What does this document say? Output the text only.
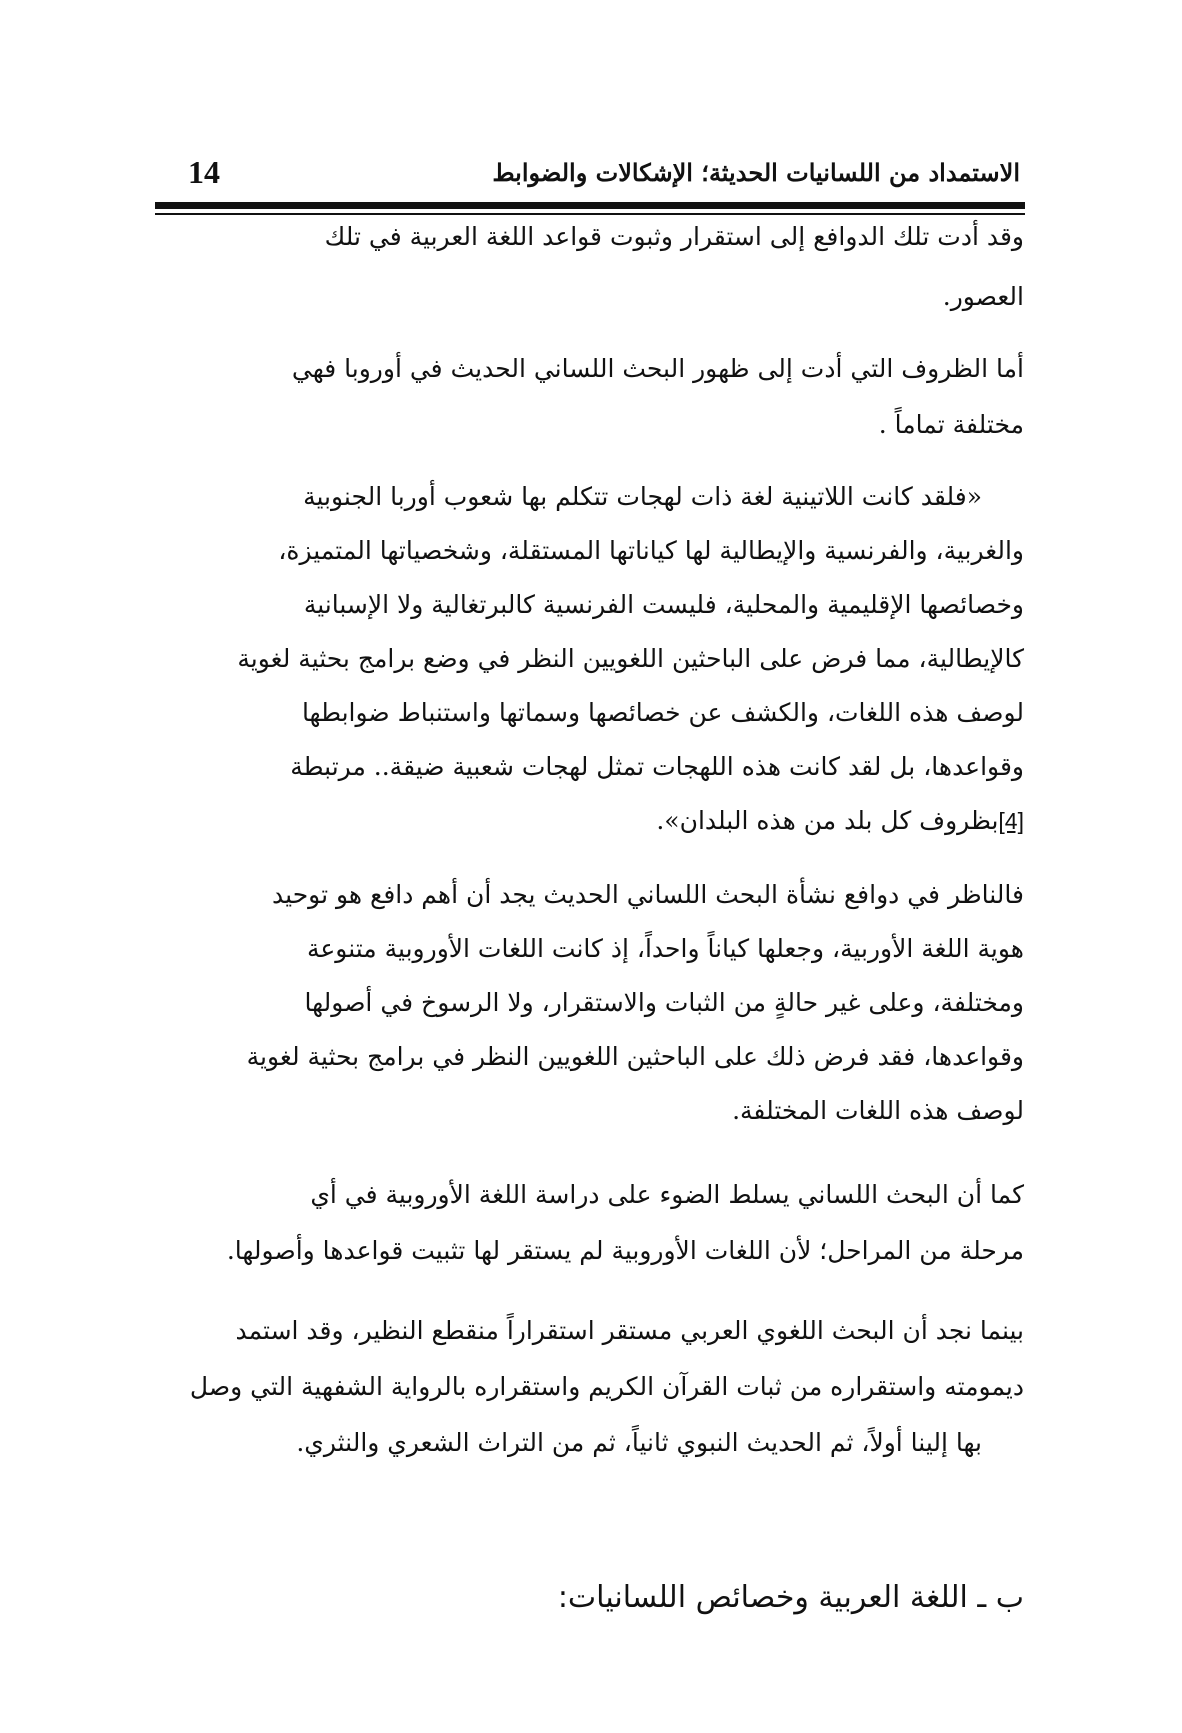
14	الاستمداد من اللسانيات الحديثة؛ الإشكالات والضوابط
وقد أدت تلك الدوافع إلى استقرار وثبوت قواعد اللغة العربية في تلك
العصور.
أما الظروف التي أدت إلى ظهور البحث اللساني الحديث في أوروبا فهي
مختلفة تماماً .
«فلقد كانت اللاتينية لغة ذات لهجات تتكلم بها شعوب أوربا الجنوبية
والغربية، والفرنسية والإيطالية لها كياناتها المستقلة، وشخصياتها المتميزة،
وخصائصها الإقليمية والمحلية، فليست الفرنسية كالبرتغالية ولا الإسبانية
كالإيطالية، مما فرض على الباحثين اللغويين النظر في وضع برامج بحثية لغوية
لوصف هذه اللغات، والكشف عن خصائصها وسماتها واستنباط ضوابطها
وقواعدها، بل لقد كانت هذه اللهجات تمثل لهجات شعبية ضيقة.. مرتبطة
[4]بظروف كل بلد من هذه البلدان».
فالناظر في دوافع نشأة البحث اللساني الحديث يجد أن أهم دافع هو توحيد
هوية اللغة الأوربية، وجعلها كياناً واحداً، إذ كانت اللغات الأوروبية متنوعة
ومختلفة، وعلى غير حالةٍ من الثبات والاستقرار، ولا الرسوخ في أصولها
وقواعدها، فقد فرض ذلك على الباحثين اللغويين النظر في برامج بحثية لغوية
لوصف هذه اللغات المختلفة.
كما أن البحث اللساني يسلط الضوء على دراسة اللغة الأوروبية في أي
مرحلة من المراحل؛ لأن اللغات الأوروبية لم يستقر لها تثبيت قواعدها وأصولها.
بينما نجد أن البحث اللغوي العربي مستقر استقراراً منقطع النظير، وقد استمد
ديمومته واستقراره من ثبات القرآن الكريم واستقراره بالرواية الشفهية التي وصل
بها إلينا أولاً، ثم الحديث النبوي ثانياً، ثم من التراث الشعري والنثري.
ب ـ اللغة العربية وخصائص اللسانيات:
